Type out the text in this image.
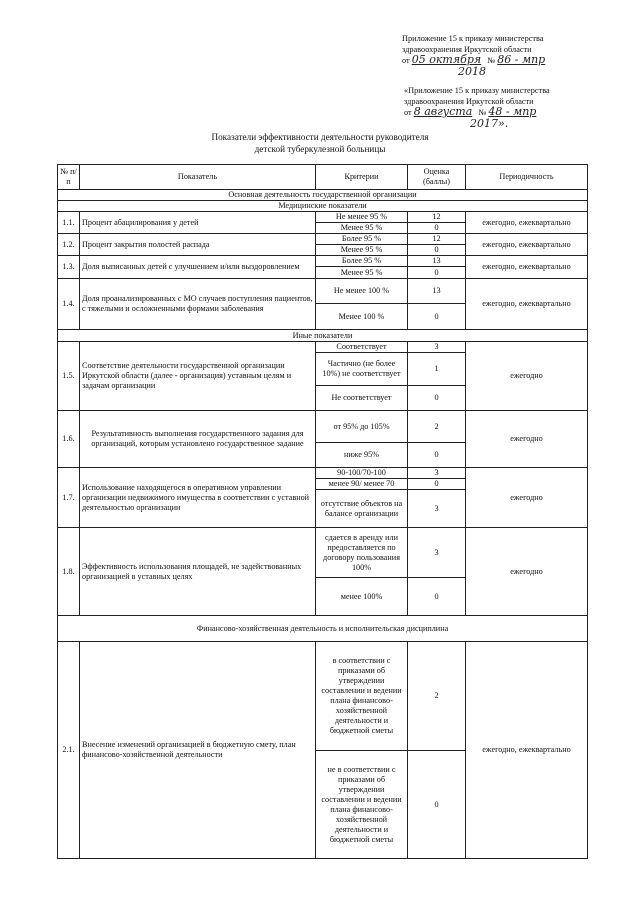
Приложение 15 к приказу министерства
здравоохранения Иркутской области
от 05 октября № 86 - мпр
2018
«Приложение 15 к приказу министерства
здравоохранения Иркутской области
от 8 августа № 48 - мпр
2017».
Показатели эффективности деятельности руководителя
детской туберкулезной больницы
№ п/п	Показатель	Критерии	Оценка (баллы)	Периодичность
Основная деятельность государственной организации				
Медицинские показатели				
1.1.	Процент абацилирования у детей	Не менее 95 %	12	ежегодно, ежеквартально
		Менее 95 %	0	
1.2.	Процент закрытия полостей распада	Более 95 %	12	ежегодно, ежеквартально
		Менее 95 %	0	
1.3.	Доля выписанных детей с улучшением и/или выздоровлением	Более 95 %	13	ежегодно, ежеквартально
		Менее 95 %	0	
1.4.	Доля проанализированных с МО случаев поступления пациентов, с тяжелыми и осложненными формами заболевания	Не менее 100 %	13	ежегодно, ежеквартально
		Менее 100 %	0	
Иные показатели				
1.5.	Соответствие деятельности государственной организации Иркутской области (далее - организация) уставным целям и задачам организации	Соответствует	3	ежегодно
		Частично (не более 10%) не соответствует	1	
		Не соответствует	0	
1.6.	Результативность выполнения государственного задания для организаций, которым установлено государственное задание	от 95% до 105%	2	ежегодно
		ниже 95%	0	
1.7.	Использование находящегося в оперативном управлении организации недвижимого имущества в соответствии с уставной деятельностью организации	90-100/70-100	3	ежегодно
		менее 90/ менее 70	0	
		отсутствие объектов на балансе организации	3	
1.8.	Эффективность использования площадей, не задействованных организацией в уставных целях	сдается в аренду или предоставляется по договору пользования 100%	3	ежегодно
		менее 100%	0	
Финансово-хозяйственная деятельность и исполнительская дисциплина				
2.1.	Внесение изменений организацией в бюджетную смету, план финансово-хозяйственной деятельности	в соответствии с приказами об утверждении составлении и ведении плана финансово-хозяйственной деятельности и бюджетной сметы	2	ежегодно, ежеквартально
		не в соответствии с приказами об утверждении составлении и ведении плана финансово-хозяйственной деятельности и бюджетной сметы	0	
